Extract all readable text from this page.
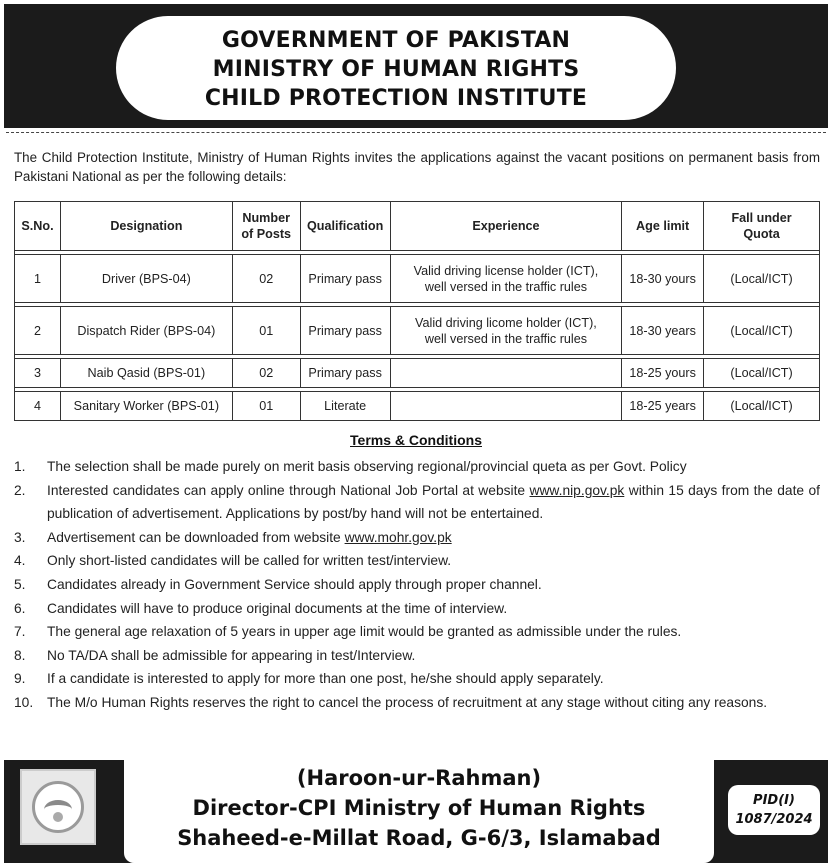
GOVERNMENT OF PAKISTAN
MINISTRY OF HUMAN RIGHTS
CHILD PROTECTION INSTITUTE
The Child Protection Institute, Ministry of Human Rights invites the applications against the vacant positions on permanent basis from Pakistani National as per the following details:
S.No.	Designation	Number
of Posts	Qualification	Experience	Age limit	Fall under
Quota

1	Driver (BPS-04)	02	Primary pass	Valid driving license holder (ICT),
well versed in the traffic rules	18-30 yours	(Local/ICT)

2	Dispatch Rider (BPS-04)	01	Primary pass	Valid driving licome holder (ICT),
well versed in the traffic rules	18-30 years	(Local/ICT)

3	Naib Qasid (BPS-01)	02	Primary pass		18-25 yours	(Local/ICT)

4	Sanitary Worker (BPS-01)	01	Literate		18-25 years	(Local/ICT)
Terms & Conditions
1. The selection shall be made purely on merit basis observing regional/provincial queta as per Govt. Policy
2. Interested candidates can apply online through National Job Portal at website www.nip.gov.pk within 15 days from the date of publication of advertisement. Applications by post/by hand will not be entertained.
3. Advertisement can be downloaded from website www.mohr.gov.pk
4. Only short-listed candidates will be called for written test/interview.
5. Candidates already in Government Service should apply through proper channel.
6. Candidates will have to produce original documents at the time of interview.
7. The general age relaxation of 5 years in upper age limit would be granted as admissible under the rules.
8. No TA/DA shall be admissible for appearing in test/Interview.
9. If a candidate is interested to apply for more than one post, he/she should apply separately.
10. The M/o Human Rights reserves the right to cancel the process of recruitment at any stage without citing any reasons.
(Haroon-ur-Rahman)
Director-CPI Ministry of Human Rights
Shaheed-e-Millat Road, G-6/3, Islamabad
PID(I)
1087/2024
